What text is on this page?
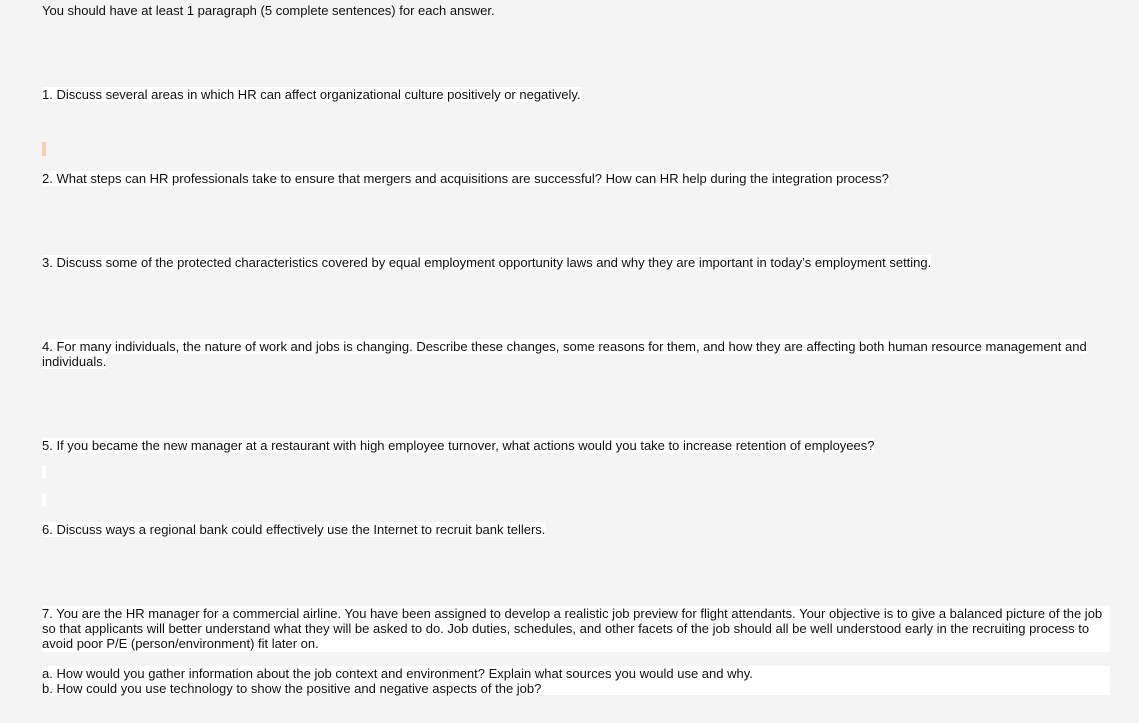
You should have at least 1 paragraph (5 complete sentences) for each answer.
1. Discuss several areas in which HR can affect organizational culture positively or negatively.
2. What steps can HR professionals take to ensure that mergers and acquisitions are successful? How can HR help during the integration process?
3. Discuss some of the protected characteristics covered by equal employment opportunity laws and why they are important in today’s employment setting.
4. For many individuals, the nature of work and jobs is changing. Describe these changes, some reasons for them, and how they are affecting both human resource management and
individuals.
5. If you became the new manager at a restaurant with high employee turnover, what actions would you take to increase retention of employees?
6. Discuss ways a regional bank could effectively use the Internet to recruit bank tellers.
7. You are the HR manager for a commercial airline. You have been assigned to develop a realistic job preview for flight attendants. Your objective is to give a balanced picture of the job
so that applicants will better understand what they will be asked to do. Job duties, schedules, and other facets of the job should all be well understood early in the recruiting process to
avoid poor P/E (person/environment) fit later on.
a. How would you gather information about the job context and environment? Explain what sources you would use and why.
b. How could you use technology to show the positive and negative aspects of the job?
